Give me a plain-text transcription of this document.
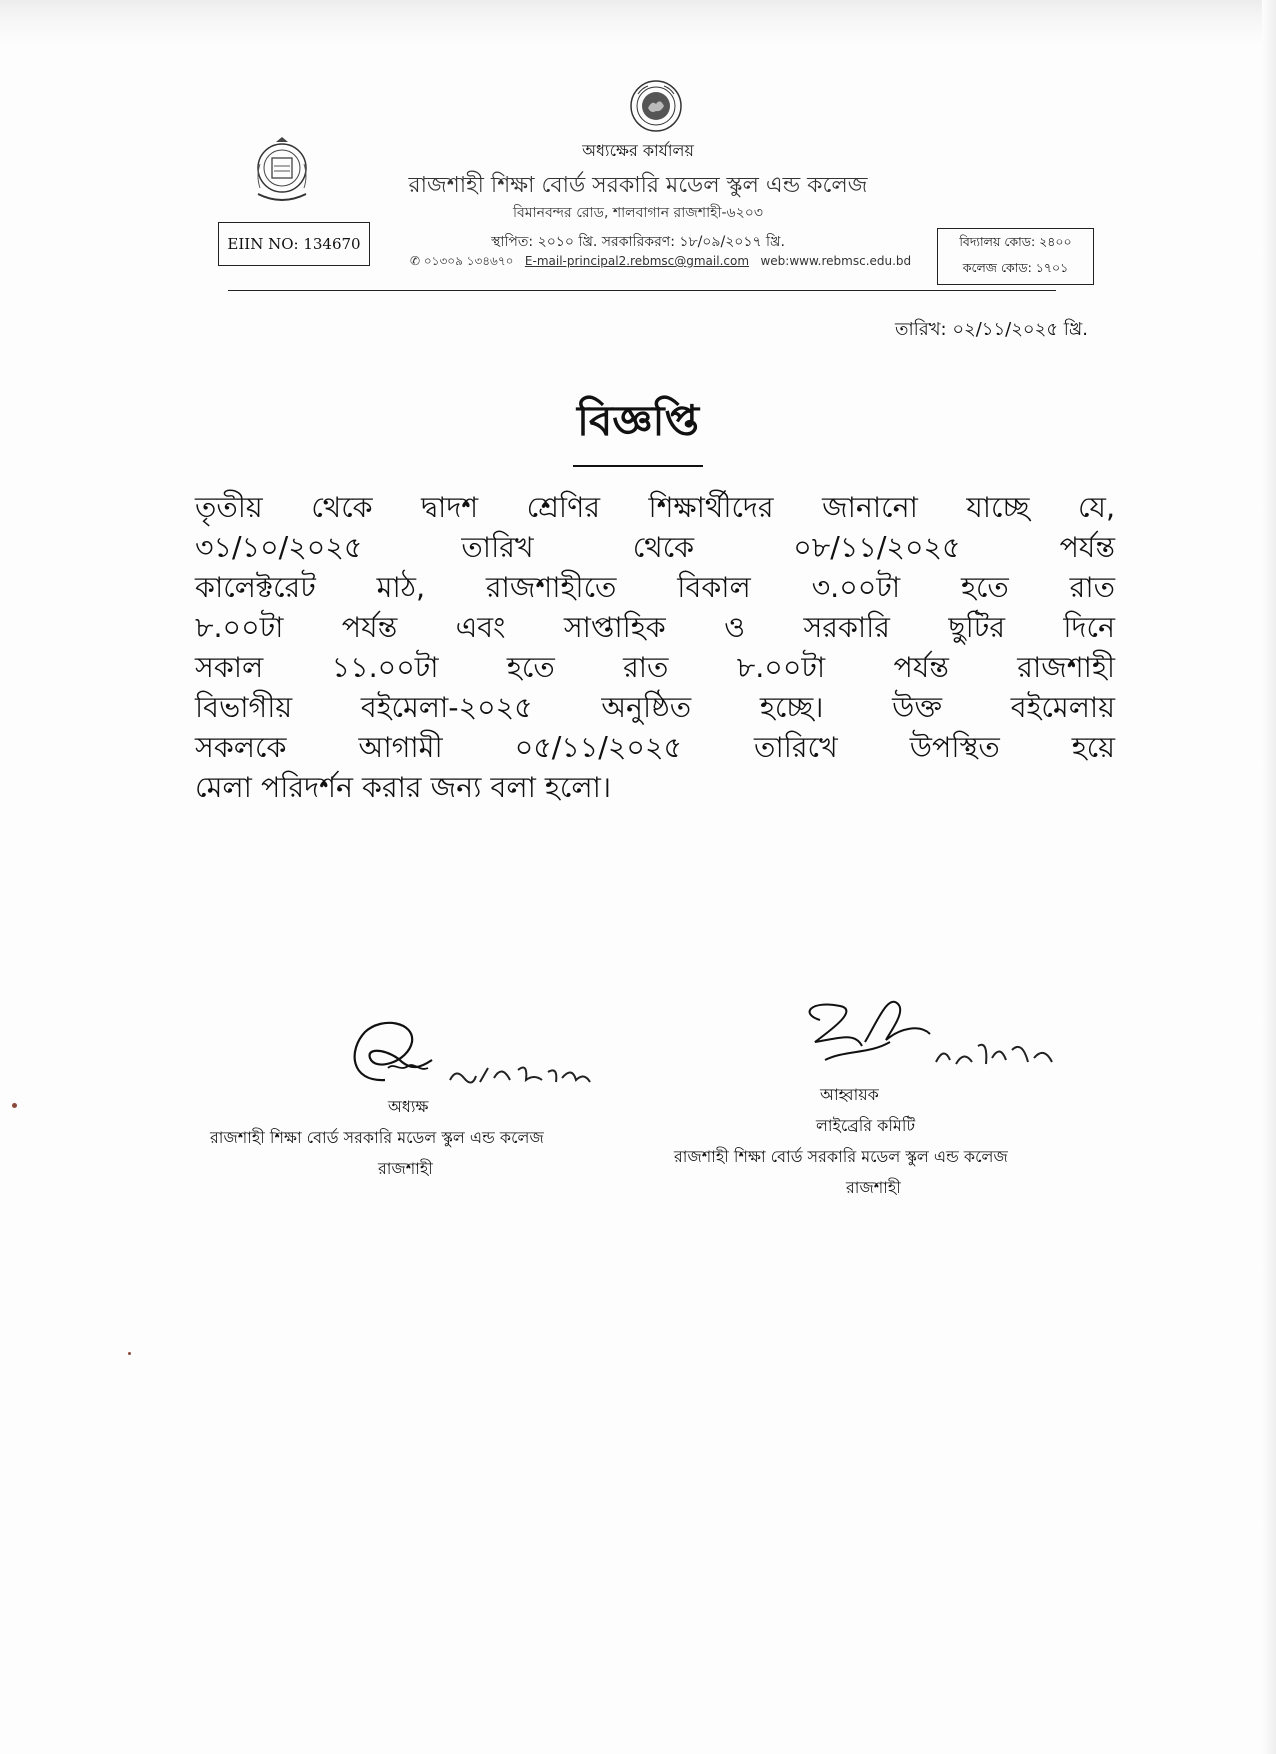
অধ্যক্ষের কার্যালয়
রাজশাহী শিক্ষা বোর্ড সরকারি মডেল স্কুল এন্ড কলেজ
বিমানবন্দর রোড, শালবাগান রাজশাহী-৬২০৩
স্থাপিত: ২০১০ খ্রি. সরকারিকরণ: ১৮/০৯/২০১৭ খ্রি.
✆ ০১৩০৯ ১৩৪৬৭০ E-mail-principal2.rebmsc@gmail.com web:www.rebmsc.edu.bd
EIIN NO: 134670	বিদ্যালয় কোড: ২৪০০
কলেজ কোড: ১৭০১
তারিখ: ০২/১১/২০২৫ খ্রি.
বিজ্ঞপ্তি
তৃতীয় থেকে দ্বাদশ শ্রেণির শিক্ষার্থীদের জানানো যাচ্ছে যে,
৩১/১০/২০২৫ তারিখ থেকে ০৮/১১/২০২৫ পর্যন্ত
কালেক্টরেট মাঠ, রাজশাহীতে বিকাল ৩.০০টা হতে রাত
৮.০০টা পর্যন্ত এবং সাপ্তাহিক ও সরকারি ছুটির দিনে
সকাল ১১.০০টা হতে রাত ৮.০০টা পর্যন্ত রাজশাহী
বিভাগীয় বইমেলা-২০২৫ অনুষ্ঠিত হচ্ছে। উক্ত বইমেলায়
সকলকে আগামী ০৫/১১/২০২৫ তারিখে উপস্থিত হয়ে
মেলা পরিদর্শন করার জন্য বলা হলো।
অধ্যক্ষ
রাজশাহী শিক্ষা বোর্ড সরকারি মডেল স্কুল এন্ড কলেজ
রাজশাহী
আহ্বায়ক
লাইব্রেরি কমিটি
রাজশাহী শিক্ষা বোর্ড সরকারি মডেল স্কুল এন্ড কলেজ
রাজশাহী
